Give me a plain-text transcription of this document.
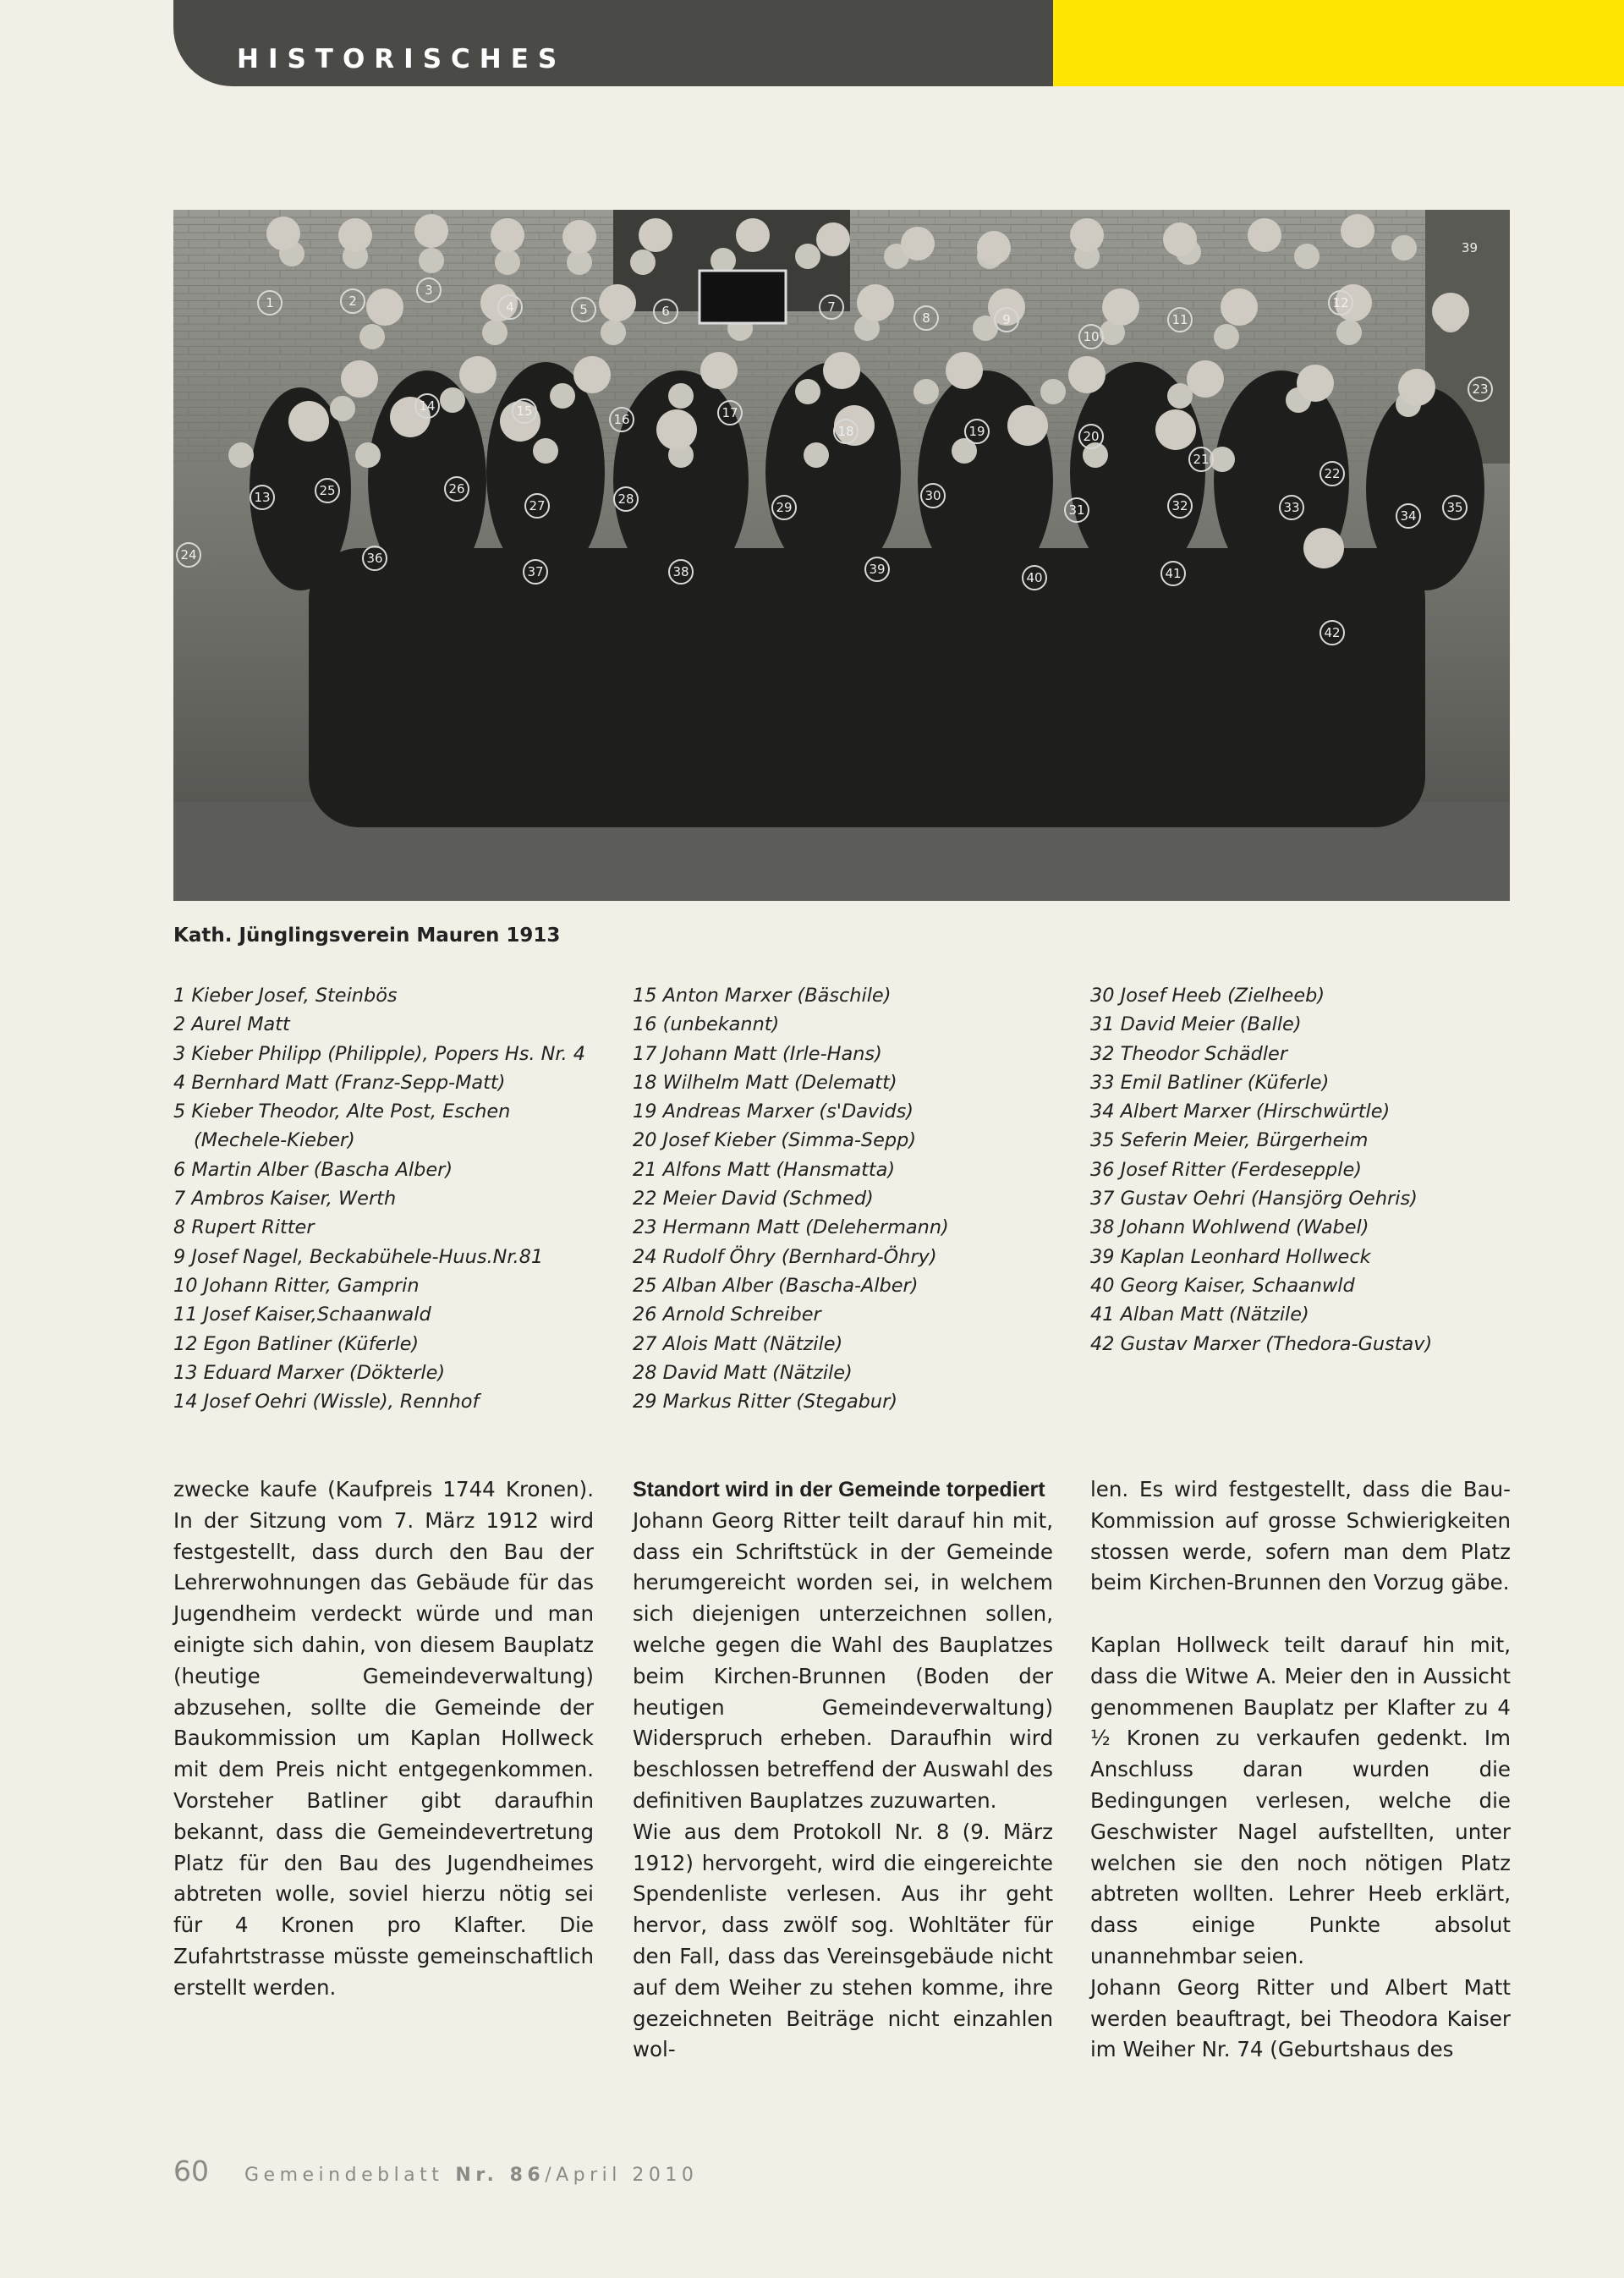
HISTORISCHES
1	2
3
4	5	6	7
8	9
10
11
12
13
14	15
16	17
18	19	20
21
22
23
24
25	26
27	28
29
30
31	32	33
34
35
36
37	38	39
40	41
42
39
Kath. Jünglingsverein Mauren 1913
1 Kieber Josef, Steinbös
2 Aurel Matt
3 Kieber Philipp (Philipple), Popers Hs. Nr. 4
4 Bernhard Matt (Franz-Sepp-Matt)
5 Kieber Theodor, Alte Post, Eschen
(Mechele-Kieber)
6 Martin Alber (Bascha Alber)
7 Ambros Kaiser, Werth
8 Rupert Ritter
9 Josef Nagel, Beckabühele-Huus.Nr.81
10 Johann Ritter, Gamprin
11 Josef Kaiser,Schaanwald
12 Egon Batliner (Küferle)
13 Eduard Marxer (Dökterle)
14 Josef Oehri (Wissle), Rennhof
15 Anton Marxer (Bäschile)
16 (unbekannt)
17 Johann Matt (Irle-Hans)
18 Wilhelm Matt (Delematt)
19 Andreas Marxer (s'Davids)
20 Josef Kieber (Simma-Sepp)
21 Alfons Matt (Hansmatta)
22 Meier David (Schmed)
23 Hermann Matt (Delehermann)
24 Rudolf Öhry (Bernhard-Öhry)
25 Alban Alber (Bascha-Alber)
26 Arnold Schreiber
27 Alois Matt (Nätzile)
28 David Matt (Nätzile)
29 Markus Ritter (Stegabur)
30 Josef Heeb (Zielheeb)
31 David Meier (Balle)
32 Theodor Schädler
33 Emil Batliner (Küferle)
34 Albert Marxer (Hirschwürtle)
35 Seferin Meier, Bürgerheim
36 Josef Ritter (Ferdesepple)
37 Gustav Oehri (Hansjörg Oehris)
38 Johann Wohlwend (Wabel)
39 Kaplan Leonhard Hollweck
40 Georg Kaiser, Schaanwld
41 Alban Matt (Nätzile)
42 Gustav Marxer (Thedora-Gustav)

zwecke kaufe (Kaufpreis 1744 Kronen). In der Sitzung vom 7. März 1912 wird festgestellt, dass durch den Bau der Lehrerwohnungen das Gebäude für das Jugendheim verdeckt würde und man einigte sich dahin, von diesem Bauplatz (heutige Gemeindeverwaltung) abzusehen, sollte die Gemeinde der Baukommission um Kaplan Hollweck mit dem Preis nicht entgegenkommen. Vorsteher Batliner gibt daraufhin bekannt, dass die Gemeindevertretung Platz für den Bau des Jugendheimes abtreten wolle, soviel hierzu nötig sei für 4 Kronen pro Klafter. Die Zufahrtstrasse müsste gemeinschaftlich erstellt werden.

Standort wird in der Gemeinde torpediert

Johann Georg Ritter teilt darauf hin mit, dass ein Schriftstück in der Gemeinde herumgereicht worden sei, in welchem sich diejenigen unterzeichnen sollen, welche gegen die Wahl des Bauplatzes beim Kirchen-Brunnen (Boden der heutigen Gemeindeverwaltung) Widerspruch erheben. Daraufhin wird beschlossen betreffend der Auswahl des definitiven Bauplatzes zuzuwarten.

Wie aus dem Protokoll Nr. 8 (9. März 1912) hervorgeht, wird die eingereichte Spendenliste verlesen. Aus ihr geht hervor, dass zwölf sog. Wohltäter für den Fall, dass das Vereinsgebäude nicht auf dem Weiher zu stehen komme, ihre gezeichneten Beiträge nicht einzahlen wol-

len. Es wird festgestellt, dass die Bau-Kommission auf grosse Schwierigkeiten stossen werde, sofern man dem Platz beim Kirchen-Brunnen den Vorzug gäbe.

Kaplan Hollweck teilt darauf hin mit, dass die Witwe A. Meier den in Aussicht genommenen Bauplatz per Klafter zu 4 ½ Kronen zu verkaufen gedenkt. Im Anschluss daran wurden die Bedingungen verlesen, welche die Geschwister Nagel aufstellten, unter welchen sie den noch nötigen Platz abtreten wollten. Lehrer Heeb erklärt, dass einige Punkte absolut unannehmbar seien.

Johann Georg Ritter und Albert Matt werden beauftragt, bei Theodora Kaiser im Weiher Nr. 74 (Geburtshaus des

60 Gemeindeblatt Nr. 86 /April 2010
